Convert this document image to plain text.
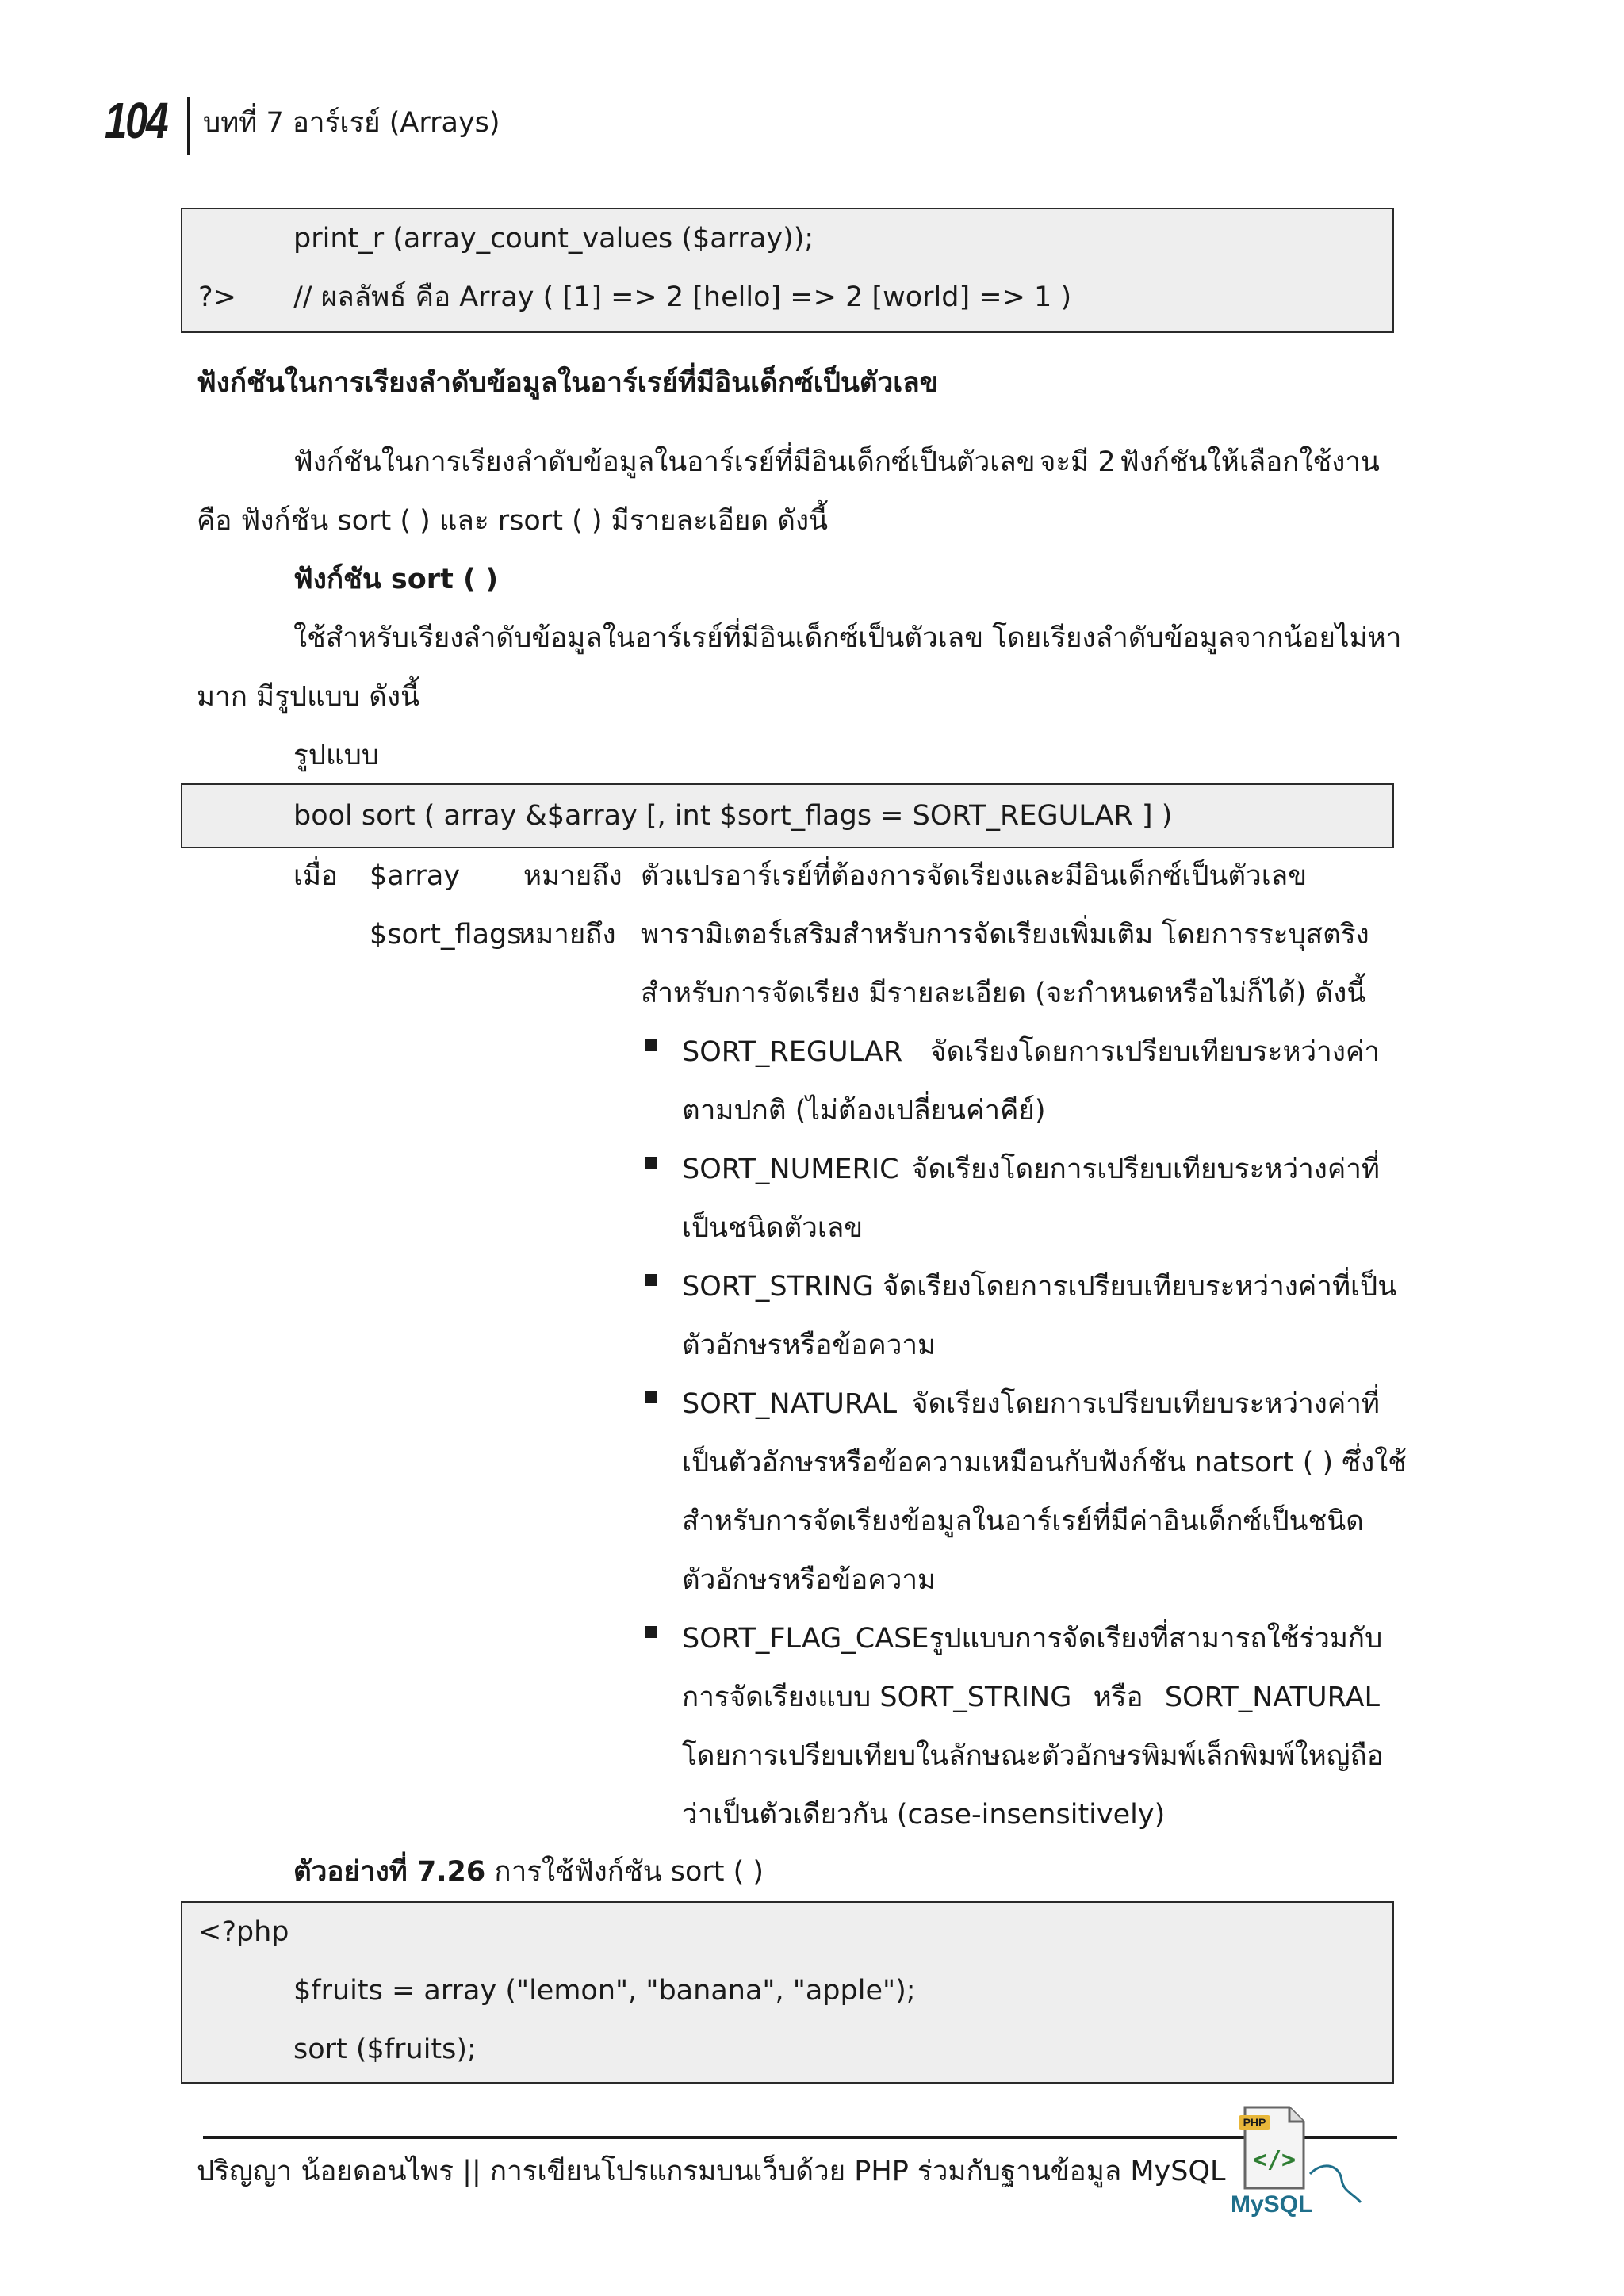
104 บทที่ 7 อาร์เรย์ (Arrays)
print_r (array_count_values ($array));
?> // ผลลัพธ์ คือ Array ( [1] => 2 [hello] => 2 [world] => 1 )
ฟังก์ชันในการเรียงลำดับข้อมูลในอาร์เรย์ที่มีอินเด็กซ์เป็นตัวเลข
ฟังก์ชันในการเรียงลำดับข้อมูลในอาร์เรย์ที่มีอินเด็กซ์เป็นตัวเลข จะมี 2 ฟังก์ชันให้เลือกใช้งาน
คือ ฟังก์ชัน sort ( ) และ rsort ( ) มีรายละเอียด ดังนี้
ฟังก์ชัน sort ( )
ใช้สำหรับเรียงลำดับข้อมูลในอาร์เรย์ที่มีอินเด็กซ์เป็นตัวเลข โดยเรียงลำดับข้อมูลจากน้อยไม่หา
มาก มีรูปแบบ ดังนี้
รูปแบบ
bool sort ( array &$array [, int $sort_flags = SORT_REGULAR ] )
เมื่อ $array หมายถึง ตัวแปรอาร์เรย์ที่ต้องการจัดเรียงและมีอินเด็กซ์เป็นตัวเลข
$sort_flags
หมายถึง พารามิเตอร์เสริมสำหรับการจัดเรียงเพิ่มเติม โดยการระบุสตริง
สำหรับการจัดเรียง มีรายละเอียด (จะกำหนดหรือไม่ก็ได้) ดังนี้
SORT_REGULAR จัดเรียงโดยการเปรียบเทียบระหว่างค่า
ตามปกติ (ไม่ต้องเปลี่ยนค่าคีย์)
SORT_NUMERIC จัดเรียงโดยการเปรียบเทียบระหว่างค่าที่
เป็นชนิดตัวเลข
SORT_STRING จัดเรียงโดยการเปรียบเทียบระหว่างค่าที่เป็น
ตัวอักษรหรือข้อความ
SORT_NATURAL จัดเรียงโดยการเปรียบเทียบระหว่างค่าที่
เป็นตัวอักษรหรือข้อความเหมือนกับฟังก์ชัน natsort ( ) ซึ่งใช้
สำหรับการจัดเรียงข้อมูลในอาร์เรย์ที่มีค่าอินเด็กซ์เป็นชนิด
ตัวอักษรหรือข้อความ
SORT_FLAG_CASE รูปแบบการจัดเรียงที่สามารถใช้ร่วมกับ
การจัดเรียงแบบ SORT_STRING หรือ SORT_NATURAL
โดยการเปรียบเทียบในลักษณะตัวอักษรพิมพ์เล็กพิมพ์ใหญ่ถือ
ว่าเป็นตัวเดียวกัน (case-insensitively)
ตัวอย่างที่ 7.26 การใช้ฟังก์ชัน sort ( )
<?php
$fruits = array ("lemon", "banana", "apple");
sort ($fruits);
ปริญญา น้อยดอนไพร || การเขียนโปรแกรมบนเว็บด้วย PHP ร่วมกับฐานข้อมูล MySQL
PHP
</>
MySQL
